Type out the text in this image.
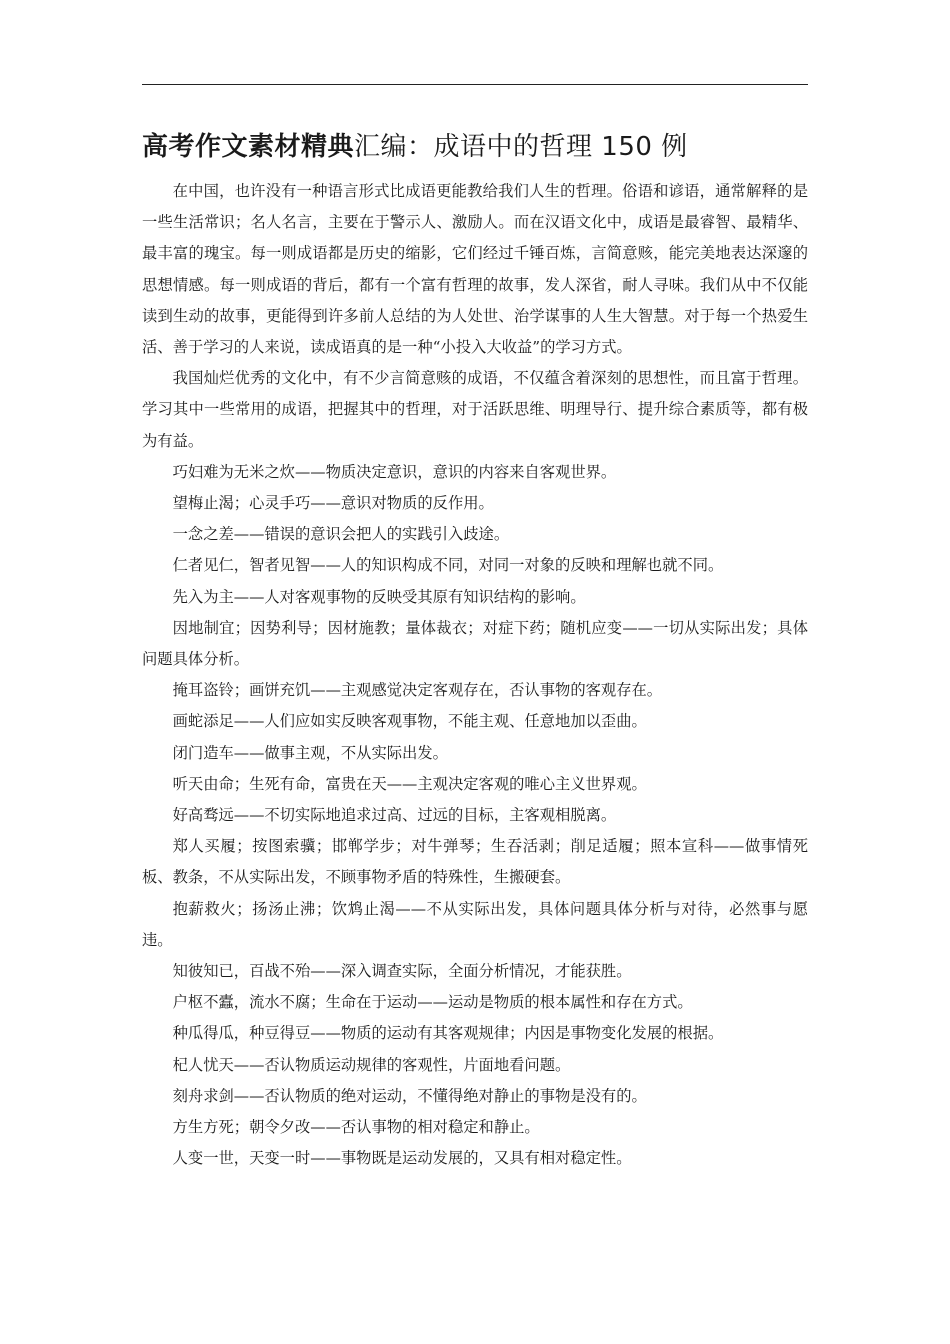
高考作文素材精典汇编：成语中的哲理 150 例

在中国，也许没有一种语言形式比成语更能教给我们人生的哲理。俗语和谚语，通常解释的是一些生活常识；名人名言，主要在于警示人、激励人。而在汉语文化中，成语是最睿智、最精华、最丰富的瑰宝。每一则成语都是历史的缩影，它们经过千锤百炼，言简意赅，能完美地表达深邃的思想情感。每一则成语的背后，都有一个富有哲理的故事，发人深省，耐人寻味。我们从中不仅能读到生动的故事，更能得到许多前人总结的为人处世、治学谋事的人生大智慧。对于每一个热爱生活、善于学习的人来说，读成语真的是一种“小投入大收益”的学习方式。

我国灿烂优秀的文化中，有不少言简意赅的成语，不仅蕴含着深刻的思想性，而且富于哲理。学习其中一些常用的成语，把握其中的哲理，对于活跃思维、明理导行、提升综合素质等，都有极为有益。

巧妇难为无米之炊——物质决定意识，意识的内容来自客观世界。

望梅止渴；心灵手巧——意识对物质的反作用。

一念之差——错误的意识会把人的实践引入歧途。

仁者见仁，智者见智——人的知识构成不同，对同一对象的反映和理解也就不同。

先入为主——人对客观事物的反映受其原有知识结构的影响。

因地制宜；因势利导；因材施教；量体裁衣；对症下药；随机应变——一切从实际出发；具体问题具体分析。

掩耳盗铃；画饼充饥——主观感觉决定客观存在，否认事物的客观存在。

画蛇添足——人们应如实反映客观事物，不能主观、任意地加以歪曲。

闭门造车——做事主观，不从实际出发。

听天由命；生死有命，富贵在天——主观决定客观的唯心主义世界观。

好高骛远——不切实际地追求过高、过远的目标，主客观相脱离。

郑人买履；按图索骥；邯郸学步；对牛弹琴；生吞活剥；削足适履；照本宣科——做事情死板、教条，不从实际出发，不顾事物矛盾的特殊性，生搬硬套。

抱薪救火；扬汤止沸；饮鸩止渴——不从实际出发，具体问题具体分析与对待，必然事与愿违。

知彼知已，百战不殆——深入调查实际，全面分析情况，才能获胜。

户枢不蠹，流水不腐；生命在于运动——运动是物质的根本属性和存在方式。

种瓜得瓜，种豆得豆——物质的运动有其客观规律；内因是事物变化发展的根据。

杞人忧天——否认物质运动规律的客观性，片面地看问题。

刻舟求剑——否认物质的绝对运动，不懂得绝对静止的事物是没有的。

方生方死；朝令夕改——否认事物的相对稳定和静止。

人变一世，天变一时——事物既是运动发展的，又具有相对稳定性。
